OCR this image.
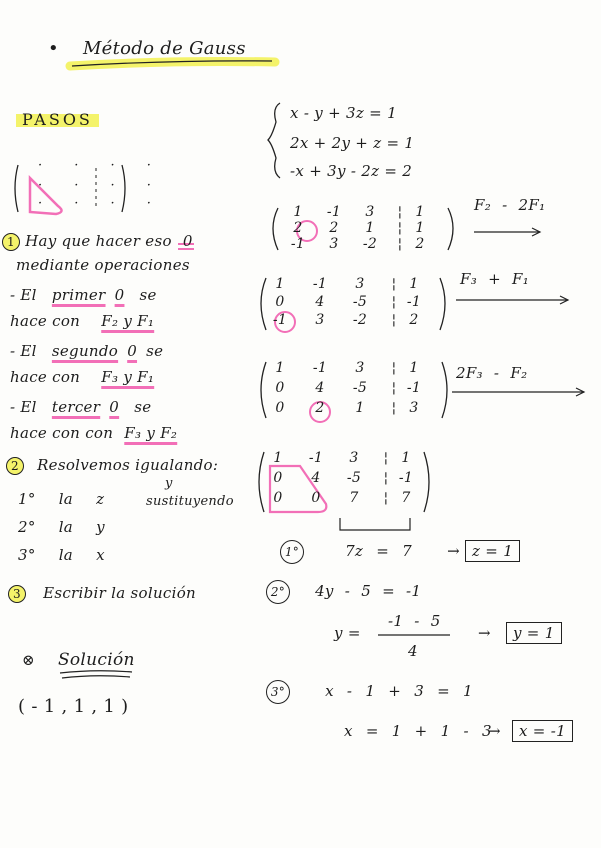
• Método de Gauss
PASOS
· · · ·
· · · ·
· · · ·
1 Hay que hacer eso 0
mediante operaciones
- El primer 0 se
hace con F₂ y F₁
- El segundo 0 se
hace con F₃ y F₁
- El tercer 0 se
hace con con F₃ y F₂
2 Resolvemos igualando:
y
sustituyendo
1° la z
2° la y
3° la x
3 Escribir la solución
⊗ Solución
( - 1 , 1 , 1 )
x - y + 3z = 1
2x + 2y + z = 1
-x + 3y - 2z = 2
1	-1	3	1
¦
2	2	1	1
¦
-1	3	-2	2
¦
F₂ - 2F₁
1	-1	3	1
¦
0	4	-5	-1
¦
-1	3	-2	2
¦
F₃ + F₁
1	-1	3	1
¦
0	4	-5	-1
¦
0	2	1	3
¦
2F₃ - F₂
1	-1	3	1
¦
0	4	-5	-1
¦
0	0	7	7
¦
1°	7z = 7 → z = 1
2° 4y - 5 = -1
y =
-1 - 5
4
→ y = 1
3°	x - 1 + 3 = 1
x = 1 + 1 - 3
→ x = -1
